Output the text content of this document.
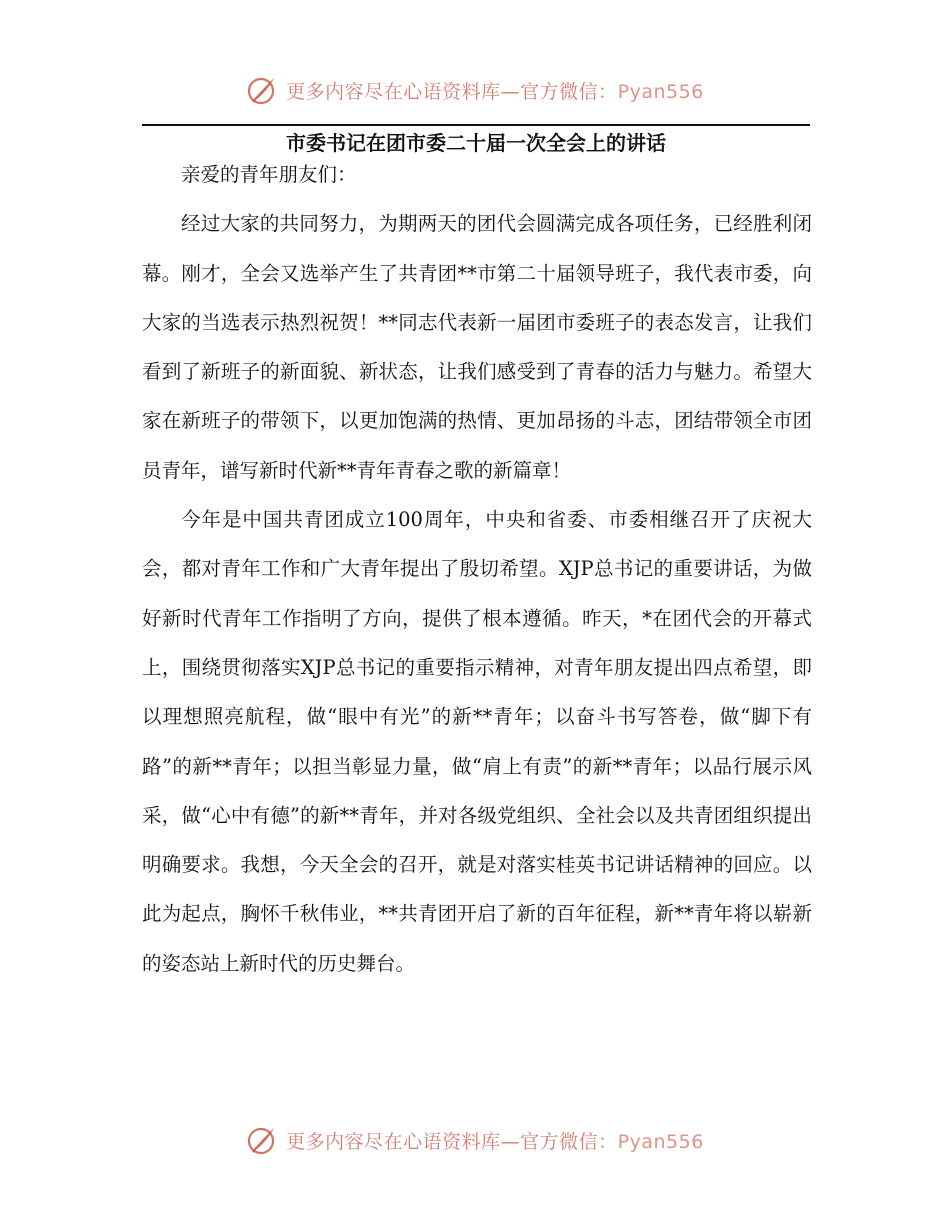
更多内容尽在心语资料库—官方微信：Pyan556
市委书记在团市委二十届一次全会上的讲话

亲爱的青年朋友们：

经过大家的共同努力，为期两天的团代会圆满完成各项任务，已经胜利闭幕。刚才，全会又选举产生了共青团**市第二十届领导班子，我代表市委，向大家的当选表示热烈祝贺！**同志代表新一届团市委班子的表态发言，让我们看到了新班子的新面貌、新状态，让我们感受到了青春的活力与魅力。希望大家在新班子的带领下，以更加饱满的热情、更加昂扬的斗志，团结带领全市团员青年，谱写新时代新**青年青春之歌的新篇章！

今年是中国共青团成立100周年，中央和省委、市委相继召开了庆祝大会，都对青年工作和广大青年提出了殷切希望。XJP总书记的重要讲话，为做好新时代青年工作指明了方向，提供了根本遵循。昨天，*在团代会的开幕式上，围绕贯彻落实XJP总书记的重要指示精神，对青年朋友提出四点希望，即以理想照亮航程，做“眼中有光”的新**青年；以奋斗书写答卷，做“脚下有路”的新**青年；以担当彰显力量，做“肩上有责”的新**青年；以品行展示风采，做“心中有德”的新**青年，并对各级党组织、全社会以及共青团组织提出明确要求。我想，今天全会的召开，就是对落实桂英书记讲话精神的回应。以此为起点，胸怀千秋伟业，**共青团开启了新的百年征程，新**青年将以崭新的姿态站上新时代的历史舞台。

更多内容尽在心语资料库—官方微信：Pyan556
